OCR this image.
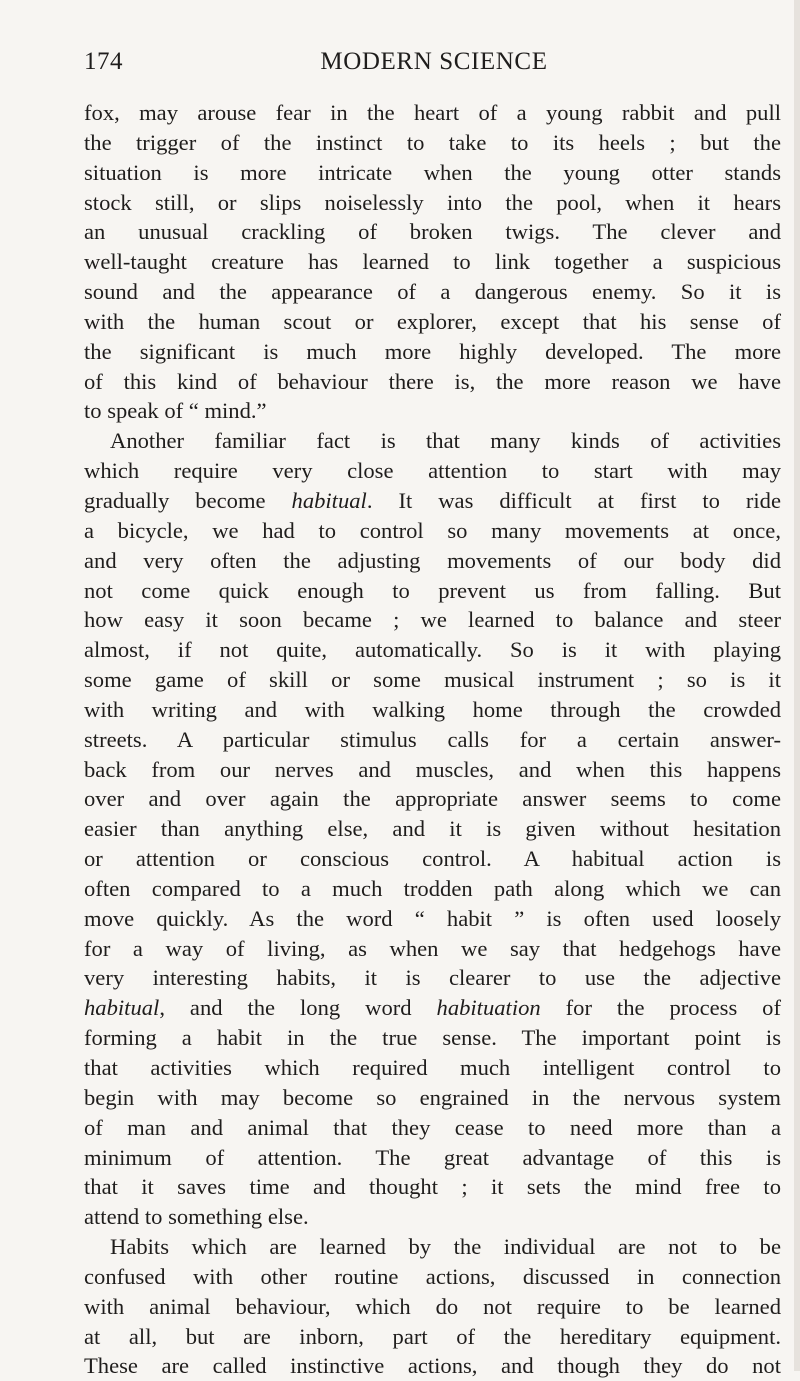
174	MODERN SCIENCE
fox, may arouse fear in the heart of a young rabbit and pull
the trigger of the instinct to take to its heels ; but the
situation is more intricate when the young otter stands
stock still, or slips noiselessly into the pool, when it hears
an unusual crackling of broken twigs. The clever and
well-taught creature has learned to link together a suspicious
sound and the appearance of a dangerous enemy. So it is
with the human scout or explorer, except that his sense of
the significant is much more highly developed. The more
of this kind of behaviour there is, the more reason we have
to speak of “ mind.”
Another familiar fact is that many kinds of activities
which require very close attention to start with may
gradually become habitual. It was difficult at first to ride
a bicycle, we had to control so many movements at once,
and very often the adjusting movements of our body did
not come quick enough to prevent us from falling. But
how easy it soon became ; we learned to balance and steer
almost, if not quite, automatically. So is it with playing
some game of skill or some musical instrument ; so is it
with writing and with walking home through the crowded
streets. A particular stimulus calls for a certain answer-
back from our nerves and muscles, and when this happens
over and over again the appropriate answer seems to come
easier than anything else, and it is given without hesitation
or attention or conscious control. A habitual action is
often compared to a much trodden path along which we can
move quickly. As the word “ habit ” is often used loosely
for a way of living, as when we say that hedgehogs have
very interesting habits, it is clearer to use the adjective
habitual, and the long word habituation for the process of
forming a habit in the true sense. The important point is
that activities which required much intelligent control to
begin with may become so engrained in the nervous system
of man and animal that they cease to need more than a
minimum of attention. The great advantage of this is
that it saves time and thought ; it sets the mind free to
attend to something else.
Habits which are learned by the individual are not to be
confused with other routine actions, discussed in connection
with animal behaviour, which do not require to be learned
at all, but are inborn, part of the hereditary equipment.
These are called instinctive actions, and though they do not
